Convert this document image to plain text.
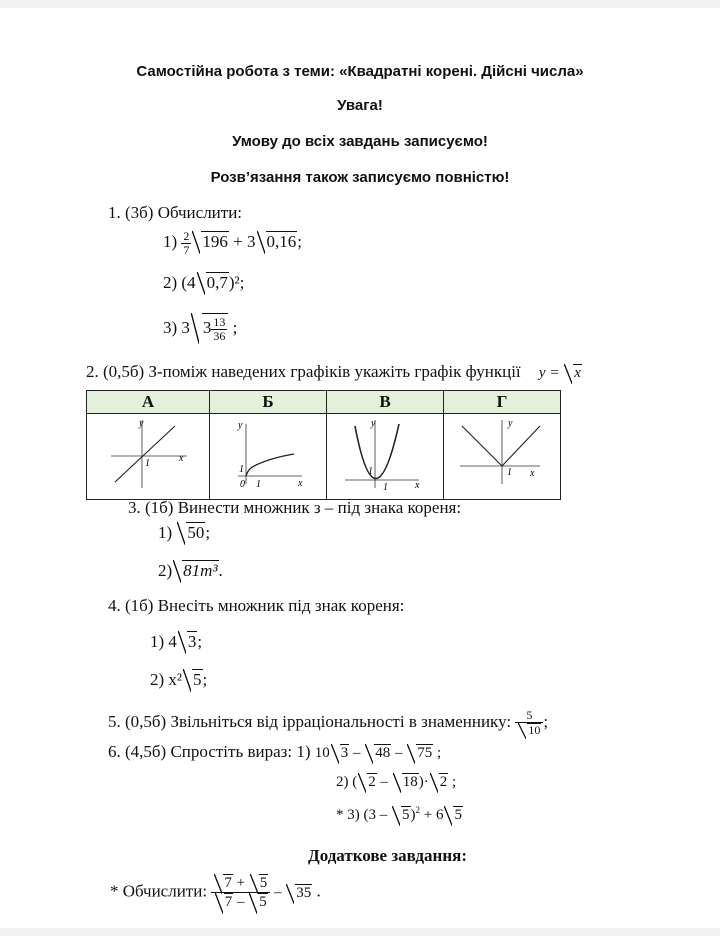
Самостійна робота з теми: «Квадратні корені. Дійсні числа»
Увага!
Умову до всіх завдань записуємо!
Розв’язання також записуємо повністю!
1. (3б) Обчислити:
$1) \frac{2}{7} 196 + 3$ 0,16;
2) (4 0,7)²;
3) 3 $3 \frac{13}{36}$ ;
2. (0,5б) З-поміж наведених графіків укажіть графік функції y = x
А	Б	В	Г

x
y
1	y
x
1
0 1	y
x
1
1	y
x
1
3. (1б) Винести множник з – під знака кореня:
1) 50;
2) 81m³.
4. (1б) Внесіть множник під знак кореня:
1) 4 3;
2) x² 5;
5. (0,5б) Звільніться від ірраціональності в знаменнику: $\frac{5}{10}$ ;
6. (4,5б) Спростіть вираз: 1) 10 3 – 48 – 75 ;
2) ( 2 – 18)· 2 ;
* 3) (3 – 5)$^2$ + 6 5
Додаткове завдання:
* Обчислити: $\frac{7 + 5}{7 - 5} - 35$ .
